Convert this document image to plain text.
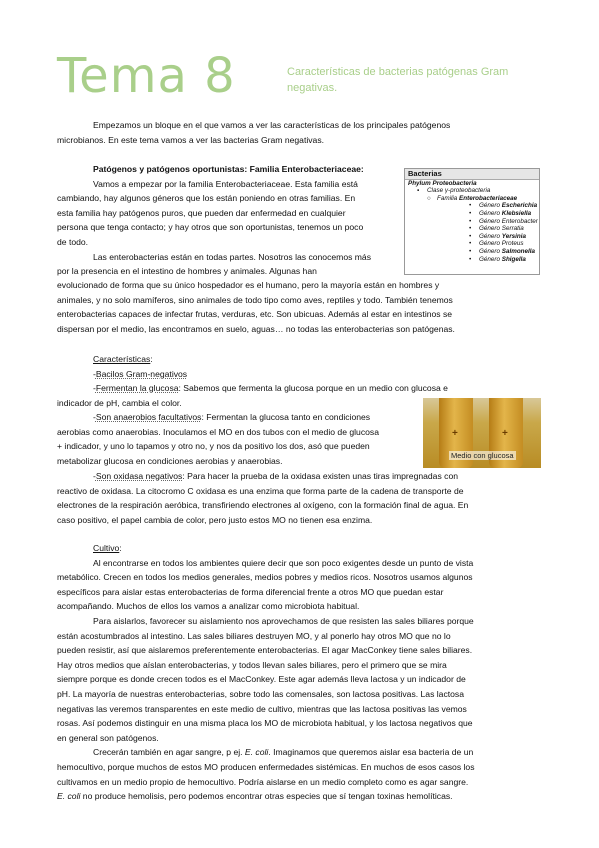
Tema 8	Características de bacterias patógenas Gram negativas.
Empezamos un bloque en el que vamos a ver las características de los principales patógenos
microbianos. En este tema vamos a ver las bacterias Gram negativas.
Patógenos y patógenos oportunistas: Familia Enterobacteriaceae:
Vamos a empezar por la familia Enterobacteriaceae. Esta familia está
cambiando, hay algunos géneros que los están poniendo en otras familias. En
esta familia hay patógenos puros, que pueden dar enfermedad en cualquier
persona que tenga contacto; y hay otros que son oportunistas, tenemos un poco
de todo.
Las enterobacterias están en todas partes. Nosotros las conocemos más
por la presencia en el intestino de hombres y animales. Algunas han
evolucionado de forma que su único hospedador es el humano, pero la mayoría están en hombres y
animales, y no solo mamíferos, sino animales de todo tipo como aves, reptiles y todo. También tenemos
enterobacterias capaces de infectar frutas, verduras, etc. Son ubicuas. Además al estar en intestinos se
dispersan por el medio, las encontramos en suelo, aguas… no todas las enterobacterias son patógenas.
Bacterias
Phylum Proteobacteria
▪ Clase γ-proteobacteria
○ Familia Enterobacteriaceae
• Género Escherichia
• Género Klebsiella
• Género Enterobacter
• Género Serratia
• Género Yersinia
• Género Proteus
• Género Salmonella
• Género Shigella
Características:
-Bacilos Gram-negativos
-Fermentan la glucosa: Sabemos que fermenta la glucosa porque en un medio con glucosa e
indicador de pH, cambia el color.
-Son anaerobios facultativos: Fermentan la glucosa tanto en condiciones
aerobias como anaerobias. Inoculamos el MO en dos tubos con el medio de glucosa
+ indicador, y uno lo tapamos y otro no, y nos da positivo los dos, asó que pueden
metabolizar glucosa en condiciones aerobias y anaerobias.
-Son oxidasa negativos: Para hacer la prueba de la oxidasa existen unas tiras impregnadas con
reactivo de oxidasa. La citocromo C oxidasa es una enzima que forma parte de la cadena de transporte de
electrones de la respiración aeróbica, transfiriendo electrones al oxígeno, con la formación final de agua. En
caso positivo, el papel cambia de color, pero justo estos MO no tienen esa enzima.
+	+
Medio con glucosa
Cultivo:
Al encontrarse en todos los ambientes quiere decir que son poco exigentes desde un punto de vista
metabólico. Crecen en todos los medios generales, medios pobres y medios ricos. Nosotros usamos algunos
específicos para aislar estas enterobacterias de forma diferencial frente a otros MO que puedan estar
acompañando. Muchos de ellos los vamos a analizar como microbiota habitual.
Para aislarlos, favorecer su aislamiento nos aprovechamos de que resisten las sales biliares porque
están acostumbrados al intestino. Las sales biliares destruyen MO, y al ponerlo hay otros MO que no lo
pueden resistir, así que aislaremos preferentemente enterobacterias. El agar MacConkey tiene sales biliares.
Hay otros medios que aíslan enterobacterias, y todos llevan sales biliares, pero el primero que se mira
siempre porque es donde crecen todos es el MacConkey. Este agar además lleva lactosa y un indicador de
pH. La mayoría de nuestras enterobacterias, sobre todo las comensales, son lactosa positivas. Las lactosa
negativas las veremos transparentes en este medio de cultivo, mientras que las lactosa positivas las vemos
rosas. Así podemos distinguir en una misma placa los MO de microbiota habitual, y los lactosa negativos que
en general son patógenos.
Crecerán también en agar sangre, p ej. E. coli. Imaginamos que queremos aislar esa bacteria de un
hemocultivo, porque muchos de estos MO producen enfermedades sistémicas. En muchos de esos casos los
cultivamos en un medio propio de hemocultivo. Podría aislarse en un medio completo como es agar sangre.
E. coli no produce hemolisis, pero podemos encontrar otras especies que sí tengan toxinas hemolíticas.
